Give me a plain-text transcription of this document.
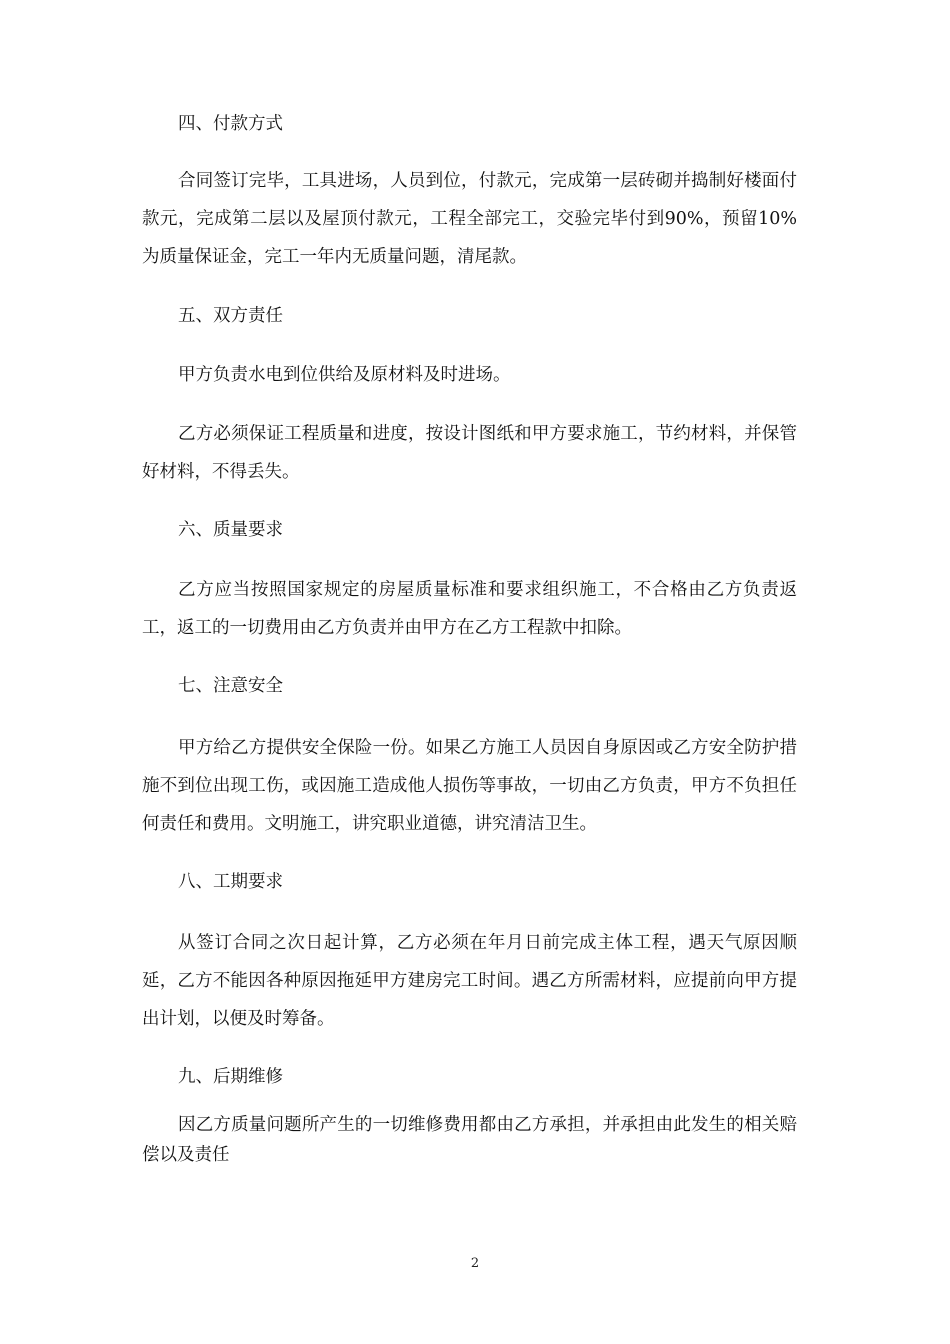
四、付款方式
合同签订完毕，工具进场，人员到位，付款元，完成第一层砖砌并捣制好楼面付款元，完成第二层以及屋顶付款元，工程全部完工，交验完毕付到90%，预留10%为质量保证金，完工一年内无质量问题，清尾款。
五、双方责任
甲方负责水电到位供给及原材料及时进场。
乙方必须保证工程质量和进度，按设计图纸和甲方要求施工，节约材料，并保管好材料，不得丢失。
六、质量要求
乙方应当按照国家规定的房屋质量标准和要求组织施工，不合格由乙方负责返工，返工的一切费用由乙方负责并由甲方在乙方工程款中扣除。
七、注意安全
甲方给乙方提供安全保险一份。如果乙方施工人员因自身原因或乙方安全防护措施不到位出现工伤，或因施工造成他人损伤等事故，一切由乙方负责，甲方不负担任何责任和费用。文明施工，讲究职业道德，讲究清洁卫生。
八、工期要求
从签订合同之次日起计算，乙方必须在年月日前完成主体工程，遇天气原因顺延，乙方不能因各种原因拖延甲方建房完工时间。遇乙方所需材料，应提前向甲方提出计划，以便及时筹备。
九、后期维修
因乙方质量问题所产生的一切维修费用都由乙方承担，并承担由此发生的相关赔偿以及责任
2
